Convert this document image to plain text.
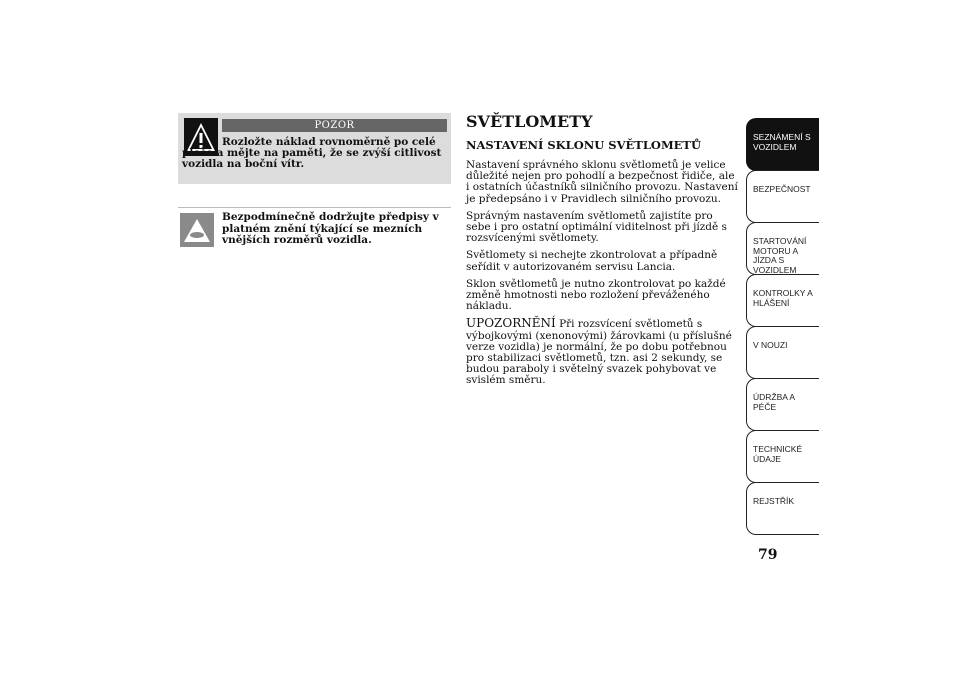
POZOR
Rozložte náklad rovnoměrně po celé ploše a mějte na paměti, že se zvýší citlivost vozidla na boční vítr.
Bezpodmínečně dodržujte předpisy v platném znění týkající se mezních vnějších rozměrů vozidla.
SVĚTLOMETY
NASTAVENÍ SKLONU SVĚTLOMETŮ

Nastavení správného sklonu světlometů je velice důležité nejen pro pohodlí a bezpečnost řidiče, ale i ostatních účastníků silničního provozu. Nastavení je předepsáno i v Pravidlech silničního provozu.

Správným nastavením světlometů zajistíte pro sebe i pro ostatní optimální viditelnost při jízdě s rozsvícenými světlomety.

Světlomety si nechejte zkontrolovat a případně seřídit v autorizovaném servisu Lancia.

Sklon světlometů je nutno zkontrolovat po každé změně hmotnosti nebo rozložení převáženého nákladu.

UPOZORNĚNÍ Při rozsvícení světlometů s výbojkovými (xenonovými) žárovkami (u příslušné verze vozidla) je normální, že po dobu potřebnou pro stabilizaci světlometů, tzn. asi 2 sekundy, se budou paraboly i světelný svazek pohybovat ve svislém směru.

SEZNÁMENÍ S VOZIDLEM
BEZPEČNOST
STARTOVÁNÍ MOTORU A JÍZDA S VOZIDLEM
KONTROLKY A HLÁŠENÍ
V NOUZI
ÚDRŽBA A PÉČE
TECHNICKÉ ÚDAJE
REJSTŘÍK
79
